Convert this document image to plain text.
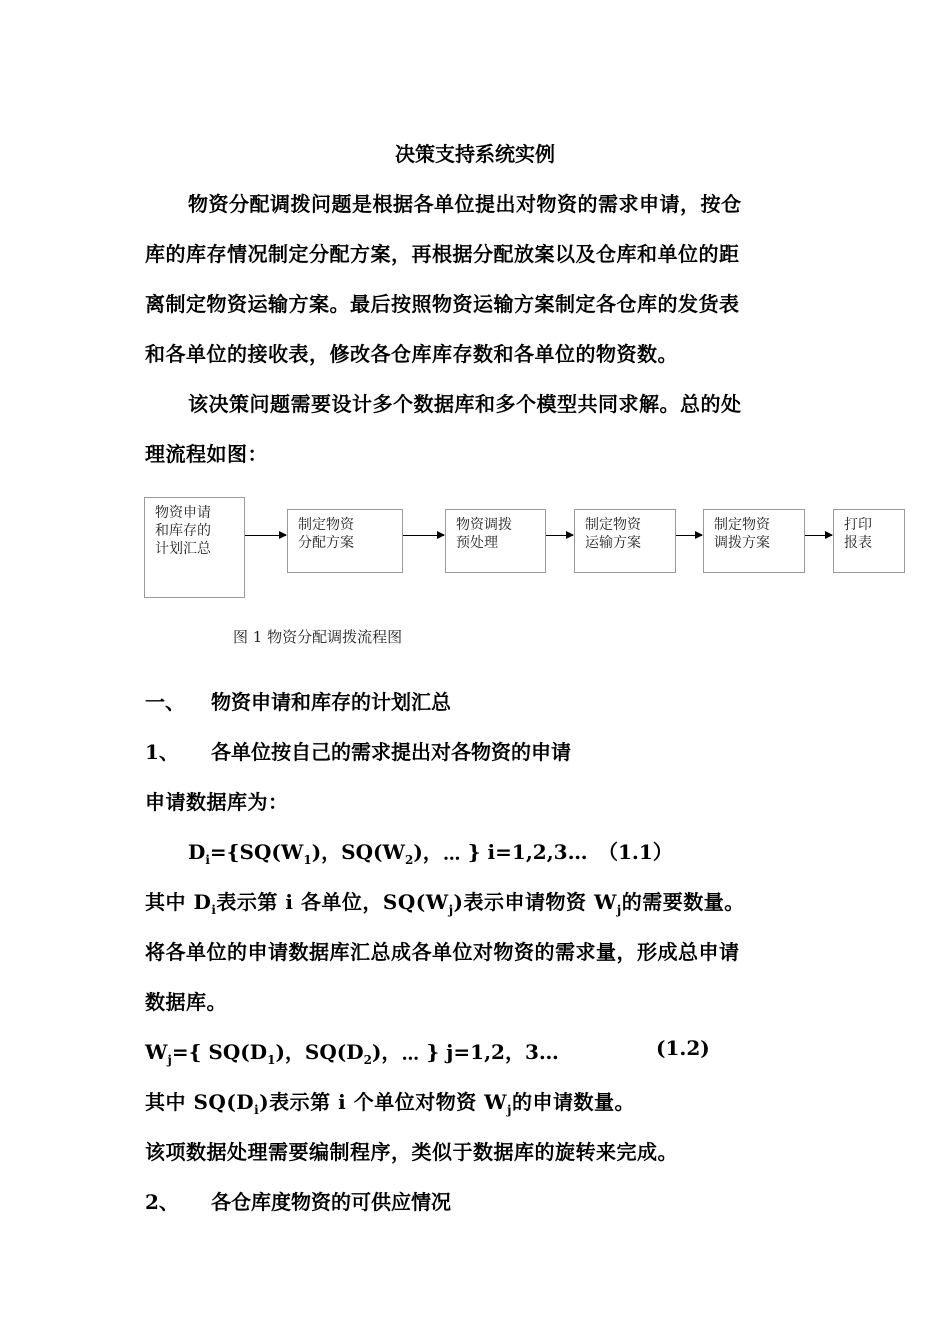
决策支持系统实例
物资分配调拨问题是根据各单位提出对物资的需求申请，按仓
库的库存情况制定分配方案，再根据分配放案以及仓库和单位的距
离制定物资运输方案。最后按照物资运输方案制定各仓库的发货表
和各单位的接收表，修改各仓库库存数和各单位的物资数。
该决策问题需要设计多个数据库和多个模型共同求解。总的处
理流程如图：
物资申请
和库存的
计划汇总
制定物资
分配方案
物资调拨
预处理
制定物资
运输方案
制定物资
调拨方案
打印
报表
图 1 物资分配调拨流程图
一、 物资申请和库存的计划汇总
1、 各单位按自己的需求提出对各物资的申请
申请数据库为：
$D_i=\{SQ(W_1)$，$SQ(W_2)$，⋯ } i=1,2,3… （1.1）
其中 $D_i$表示第 i 各单位，$SQ(W_j)$表示申请物资 $W_j$的需要数量。
将各单位的申请数据库汇总成各单位对物资的需求量，形成总申请
数据库。
$W_j=${ $SQ(D_1)$，$SQ(D_2)$，⋯ } j=1,2，3…	(1.2)
其中 $SQ(D_i)$表示第 i 个单位对物资 $W_j$的申请数量。
该项数据处理需要编制程序，类似于数据库的旋转来完成。
2、 各仓库度物资的可供应情况
